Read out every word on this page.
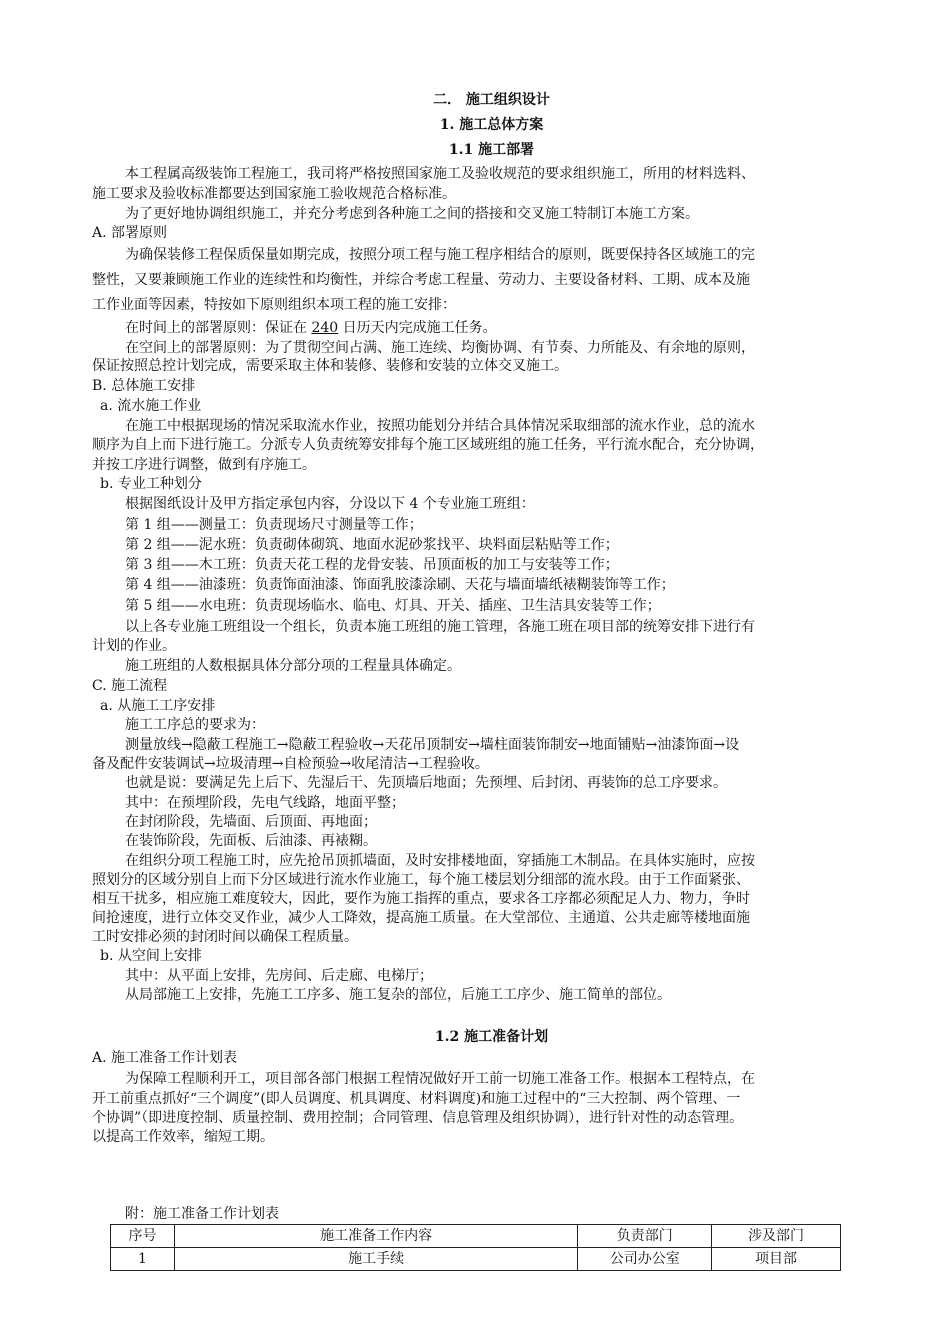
二． 施工组织设计
1. 施工总体方案
1.1 施工部署
本工程属高级装饰工程施工，我司将严格按照国家施工及验收规范的要求组织施工，所用的材料选料、
施工要求及验收标准都要达到国家施工验收规范合格标准。
为了更好地协调组织施工，并充分考虑到各种施工之间的搭接和交叉施工特制订本施工方案。
A. 部署原则
为确保装修工程保质保量如期完成，按照分项工程与施工程序相结合的原则，既要保持各区域施工的完
整性，又要兼顾施工作业的连续性和均衡性，并综合考虑工程量、劳动力、主要设备材料、工期、成本及施
工作业面等因素，特按如下原则组织本项工程的施工安排：
在时间上的部署原则：保证在 240 日历天内完成施工任务。
在空间上的部署原则：为了贯彻空间占满、施工连续、均衡协调、有节奏、力所能及、有余地的原则，
保证按照总控计划完成，需要采取主体和装修、装修和安装的立体交叉施工。
B. 总体施工安排
a. 流水施工作业
在施工中根据现场的情况采取流水作业，按照功能划分并结合具体情况采取细部的流水作业，总的流水
顺序为自上而下进行施工。分派专人负责统筹安排每个施工区域班组的施工任务，平行流水配合，充分协调，
并按工序进行调整，做到有序施工。
b. 专业工种划分
根据图纸设计及甲方指定承包内容，分设以下 4 个专业施工班组：
第 1 组——测量工：负责现场尺寸测量等工作；
第 2 组——泥水班：负责砌体砌筑、地面水泥砂浆找平、块料面层粘贴等工作；
第 3 组——木工班：负责天花工程的龙骨安装、吊顶面板的加工与安装等工作；
第 4 组——油漆班：负责饰面油漆、饰面乳胶漆涂刷、天花与墙面墙纸裱糊装饰等工作；
第 5 组——水电班：负责现场临水、临电、灯具、开关、插座、卫生洁具安装等工作；
以上各专业施工班组设一个组长，负责本施工班组的施工管理，各施工班在项目部的统筹安排下进行有
计划的作业。
施工班组的人数根据具体分部分项的工程量具体确定。
C. 施工流程
a. 从施工工序安排
施工工序总的要求为：
测量放线→隐蔽工程施工→隐蔽工程验收→天花吊顶制安→墙柱面装饰制安→地面铺贴→油漆饰面→设
备及配件安装调试→垃圾清理→自检预验→收尾清洁→工程验收。
也就是说：要满足先上后下、先湿后干、先顶墙后地面；先预埋、后封闭、再装饰的总工序要求。
其中：在预埋阶段，先电气线路，地面平整；
在封闭阶段，先墙面、后顶面、再地面；
在装饰阶段，先面板、后油漆、再裱糊。
在组织分项工程施工时，应先抢吊顶抓墙面，及时安排楼地面，穿插施工木制品。在具体实施时，应按
照划分的区域分别自上而下分区域进行流水作业施工，每个施工楼层划分细部的流水段。由于工作面紧张、
相互干扰多，相应施工难度较大，因此，要作为施工指挥的重点，要求各工序都必须配足人力、物力，争时
间抢速度，进行立体交叉作业，减少人工降效，提高施工质量。在大堂部位、主通道、公共走廊等楼地面施
工时安排必须的封闭时间以确保工程质量。
b. 从空间上安排
其中：从平面上安排，先房间、后走廊、电梯厅；
从局部施工上安排，先施工工序多、施工复杂的部位，后施工工序少、施工简单的部位。
1.2 施工准备计划
A. 施工准备工作计划表
为保障工程顺利开工，项目部各部门根据工程情况做好开工前一切施工准备工作。根据本工程特点，在
开工前重点抓好“三个调度”(即人员调度、机具调度、材料调度)和施工过程中的“三大控制、两个管理、一
个协调”（即进度控制、质量控制、费用控制；合同管理、信息管理及组织协调），进行针对性的动态管理。
以提高工作效率，缩短工期。
附：施工准备工作计划表
序号	施工准备工作内容	负责部门	涉及部门
1	施工手续	公司办公室	项目部
